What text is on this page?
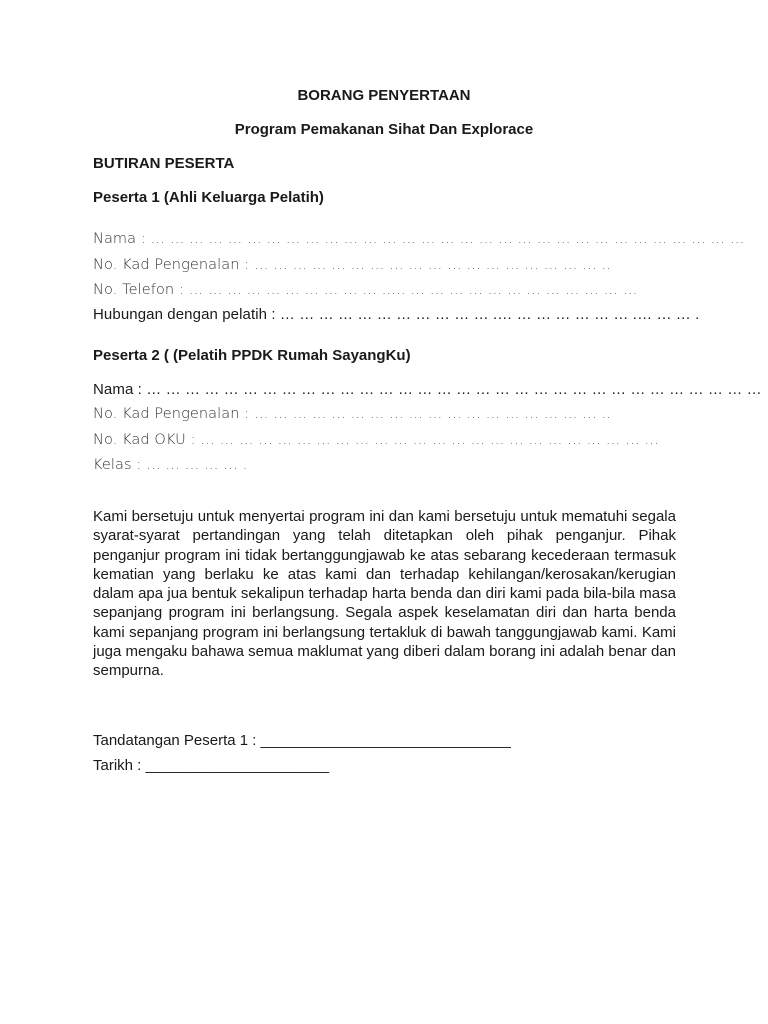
BORANG PENYERTAAN
Program Pemakanan Sihat Dan Explorace
BUTIRAN PESERTA
Peserta 1 (Ahli Keluarga Pelatih)
Nama : … … … … … … … … … … … … … … … … … … … … … … … … … … … … … … …
No. Kad Pengenalan : … … … … … … … … … … … … … … … … … … ..
No. Telefon : … … … … … … … … … … ..… … … … … … … … … … … … …
Hubungan dengan pelatih : … … … … … … … … … … … .… … … … … … … .… … … .
Peserta 2 ( (Pelatih PPDK Rumah SayangKu)
Nama : … … … … … … … … … … … … … … … … … … … … … … … … … … … … … … … …
No. Kad Pengenalan : … … … … … … … … … … … … … … … … … … ..
No. Kad OKU : … … … … … … … … … … … … … … … … … … … … … … … …
Kelas : … … … … … .
Kami bersetuju untuk menyertai program ini dan kami bersetuju untuk mematuhi segala syarat-syarat pertandingan yang telah ditetapkan oleh pihak penganjur. Pihak penganjur program ini tidak bertanggungjawab ke atas sebarang kecederaan termasuk kematian yang berlaku ke atas kami dan terhadap kehilangan/kerosakan/kerugian dalam apa jua bentuk sekalipun terhadap harta benda dan diri kami pada bila-bila masa sepanjang program ini berlangsung. Segala aspek keselamatan diri dan harta benda kami sepanjang program ini berlangsung tertakluk di bawah tanggungjawab kami. Kami juga mengaku bahawa semua maklumat yang diberi dalam borang ini adalah benar dan sempurna.
Tandatangan Peserta 1 : ______________________________
Tarikh : ______________________
